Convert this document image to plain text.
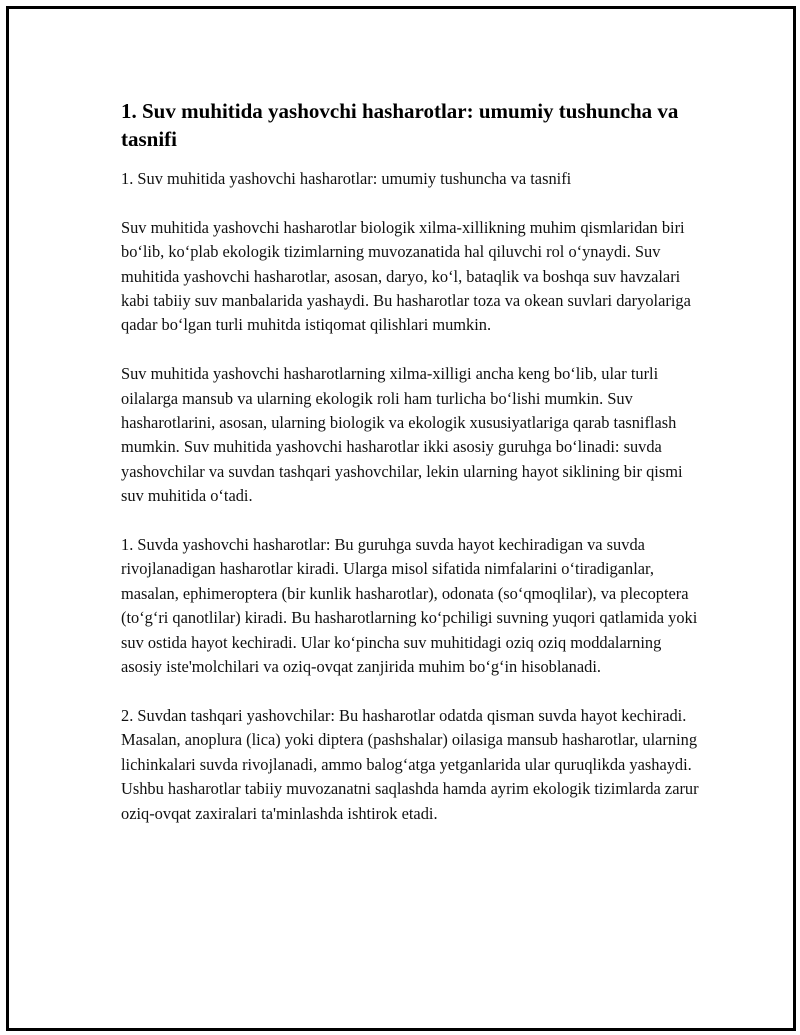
1. Suv muhitida yashovchi hasharotlar: umumiy tushuncha va tasnifi

1. Suv muhitida yashovchi hasharotlar: umumiy tushuncha va tasnifi

Suv muhitida yashovchi hasharotlar biologik xilma-xillikning muhim qismlaridan biri bo‘lib, ko‘plab ekologik tizimlarning muvozanatida hal qiluvchi rol o‘ynaydi. Suv muhitida yashovchi hasharotlar, asosan, daryo, ko‘l, bataqlik va boshqa suv havzalari kabi tabiiy suv manbalarida yashaydi. Bu hasharotlar toza va okean suvlari daryolariga qadar bo‘lgan turli muhitda istiqomat qilishlari mumkin.

Suv muhitida yashovchi hasharotlarning xilma-xilligi ancha keng bo‘lib, ular turli oilalarga mansub va ularning ekologik roli ham turlicha bo‘lishi mumkin. Suv hasharotlarini, asosan, ularning biologik va ekologik xususiyatlariga qarab tasniflash mumkin. Suv muhitida yashovchi hasharotlar ikki asosiy guruhga bo‘linadi: suvda yashovchilar va suvdan tashqari yashovchilar, lekin ularning hayot siklining bir qismi suv muhitida o‘tadi.

1. Suvda yashovchi hasharotlar: Bu guruhga suvda hayot kechiradigan va suvda rivojlanadigan hasharotlar kiradi. Ularga misol sifatida nimfalarini o‘tiradiganlar, masalan, ephimeroptera (bir kunlik hasharotlar), odonata (so‘qmoqlilar), va plecoptera (to‘g‘ri qanotlilar) kiradi. Bu hasharotlarning ko‘pchiligi suvning yuqori qatlamida yoki suv ostida hayot kechiradi. Ular ko‘pincha suv muhitidagi oziq oziq moddalarning asosiy iste'molchilari va oziq-ovqat zanjirida muhim bo‘g‘in hisoblanadi.

2. Suvdan tashqari yashovchilar: Bu hasharotlar odatda qisman suvda hayot kechiradi. Masalan, anoplura (lica) yoki diptera (pashshalar) oilasiga mansub hasharotlar, ularning lichinkalari suvda rivojlanadi, ammo balog‘atga yetganlarida ular quruqlikda yashaydi. Ushbu hasharotlar tabiiy muvozanatni saqlashda hamda ayrim ekologik tizimlarda zarur oziq-ovqat zaxiralari ta'minlashda ishtirok etadi.
